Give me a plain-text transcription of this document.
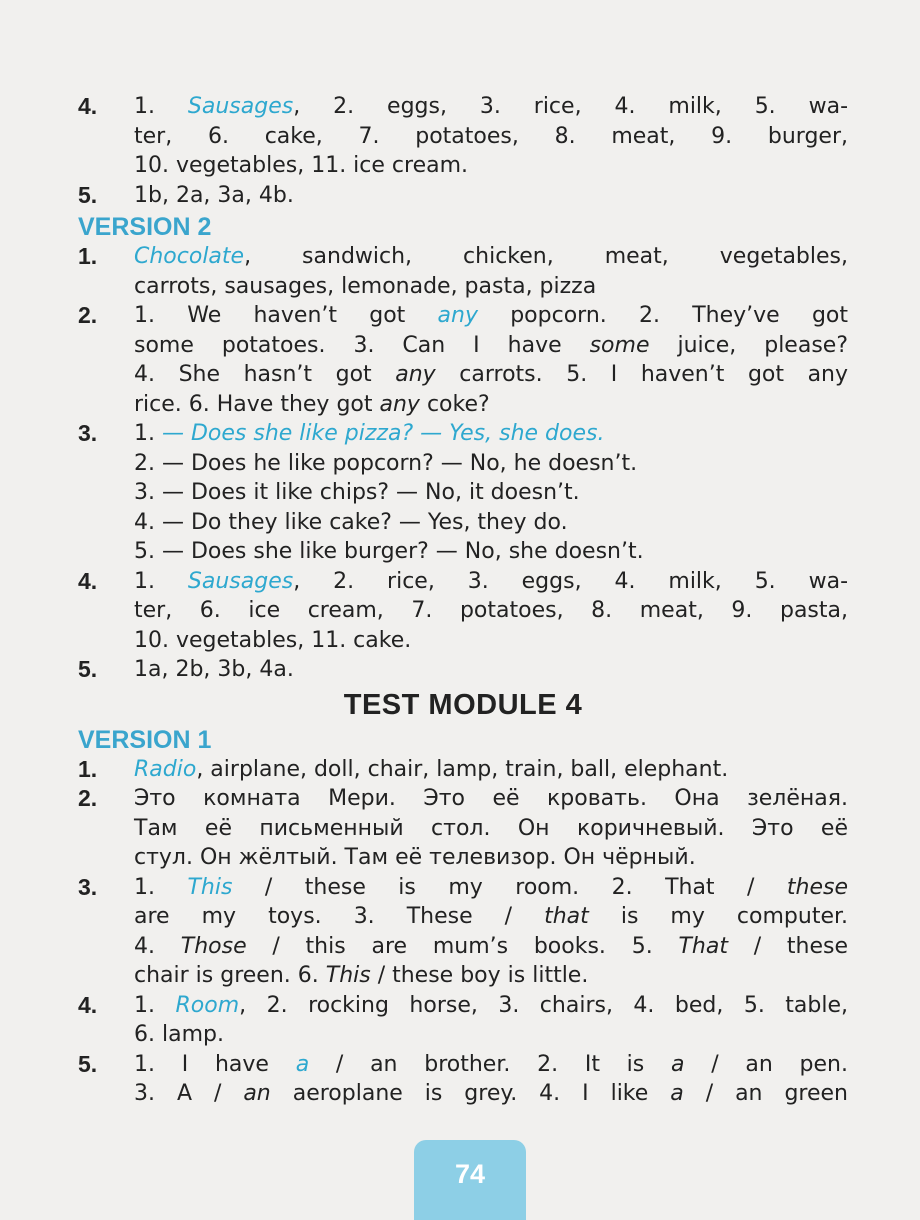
4.	1. Sausages, 2. eggs, 3. rice, 4. milk, 5. wa-
ter, 6. cake, 7. potatoes, 8. meat, 9. burger,
10. vegetables, 11. ice cream.
5.	1b, 2a, 3a, 4b.
VERSION 2
1.	Chocolate, sandwich, chicken, meat, vegetables,
carrots, sausages, lemonade, pasta, pizza
2.	1. We haven’t got any popcorn. 2. They’ve got
some potatoes. 3. Can I have some juice, please?
4. She hasn’t got any carrots. 5. I haven’t got any
rice. 6. Have they got any coke?
3.	1. — Does she like pizza? — Yes, she does.
2. — Does he like popcorn? — No, he doesn’t.
3. — Does it like chips? — No, it doesn’t.
4. — Do they like cake? — Yes, they do.
5. — Does she like burger? — No, she doesn’t.
4.	1. Sausages, 2. rice, 3. eggs, 4. milk, 5. wa-
ter, 6. ice cream, 7. potatoes, 8. meat, 9. pasta,
10. vegetables, 11. cake.
5.	1a, 2b, 3b, 4a.
TEST MODULE 4
VERSION 1
1.	Radio, airplane, doll, chair, lamp, train, ball, elephant.
2.	Это комната Мери. Это её кровать. Она зелёная.
Там её письменный стол. Он коричневый. Это её
стул. Он жёлтый. Там её телевизор. Он чёрный.
3.	1. This / these is my room. 2. That / these
are my toys. 3. These / that is my computer.
4. Those / this are mum’s books. 5. That / these
chair is green. 6. This / these boy is little.
4.	1. Room, 2. rocking horse, 3. chairs, 4. bed, 5. table,
6. lamp.
5.	1. I have a / an brother. 2. It is a / an pen.
3. A / an aeroplane is grey. 4. I like a / an green
74
